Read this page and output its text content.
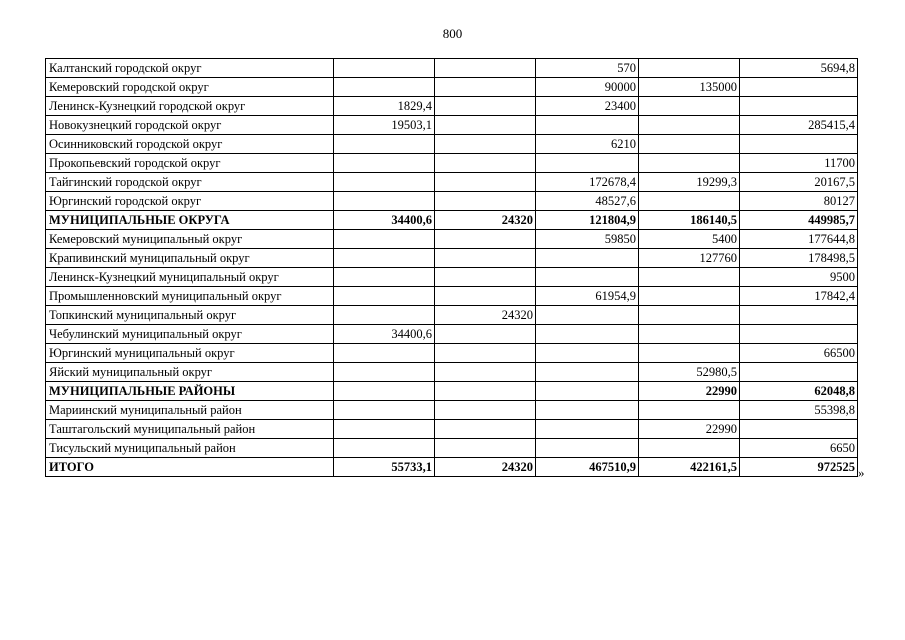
800
Калтанский городской округ			570		5694,8
Кемеровский городской округ			90000	135000	
Ленинск-Кузнецкий городской округ	1829,4		23400		
Новокузнецкий городской округ	19503,1				285415,4
Осинниковский городской округ			6210		
Прокопьевский городской округ					11700
Тайгинский городской округ			172678,4	19299,3	20167,5
Юргинский городской округ			48527,6		80127
МУНИЦИПАЛЬНЫЕ ОКРУГА	34400,6	24320	121804,9	186140,5	449985,7
Кемеровский муниципальный округ			59850	5400	177644,8
Крапивинский муниципальный округ				127760	178498,5
Ленинск-Кузнецкий муниципальный округ					9500
Промышленновский муниципальный округ			61954,9		17842,4
Топкинский муниципальный округ		24320			
Чебулинский муниципальный округ	34400,6				
Юргинский муниципальный округ					66500
Яйский муниципальный округ				52980,5	
МУНИЦИПАЛЬНЫЕ РАЙОНЫ				22990	62048,8
Мариинский муниципальный район					55398,8
Таштагольский муниципальный район				22990	
Тисульский муниципальный район					6650
ИТОГО	55733,1	24320	467510,9	422161,5	972525 »
